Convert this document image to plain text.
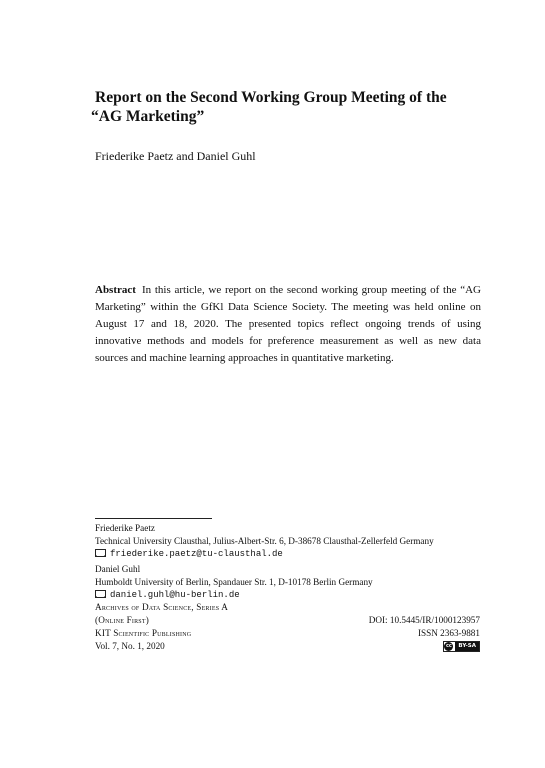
Report on the Second Working Group Meeting of the
“AG Marketing”

Friederike Paetz and Daniel Guhl

Abstract In this article, we report on the second working group meeting of the “AG Marketing” within the GfKl Data Science Society. The meeting was held online on August 17 and 18, 2020. The presented topics reflect ongoing trends of using innovative methods and models for preference measurement as well as new data sources and machine learning approaches in quantitative marketing.

Friederike Paetz
Technical University Clausthal, Julius-Albert-Str. 6, D-38678 Clausthal-Zellerfeld Germany
friederike.paetz@tu-clausthal.de
Daniel Guhl
Humboldt University of Berlin, Spandauer Str. 1, D-10178 Berlin Germany
daniel.guhl@hu-berlin.de
Archives of Data Science, Series A
(Online First)	DOI: 10.5445/IR/1000123957
KIT Scientific Publishing	ISSN 2363-9881
Vol. 7, No. 1, 2020	cc	BY-SA
